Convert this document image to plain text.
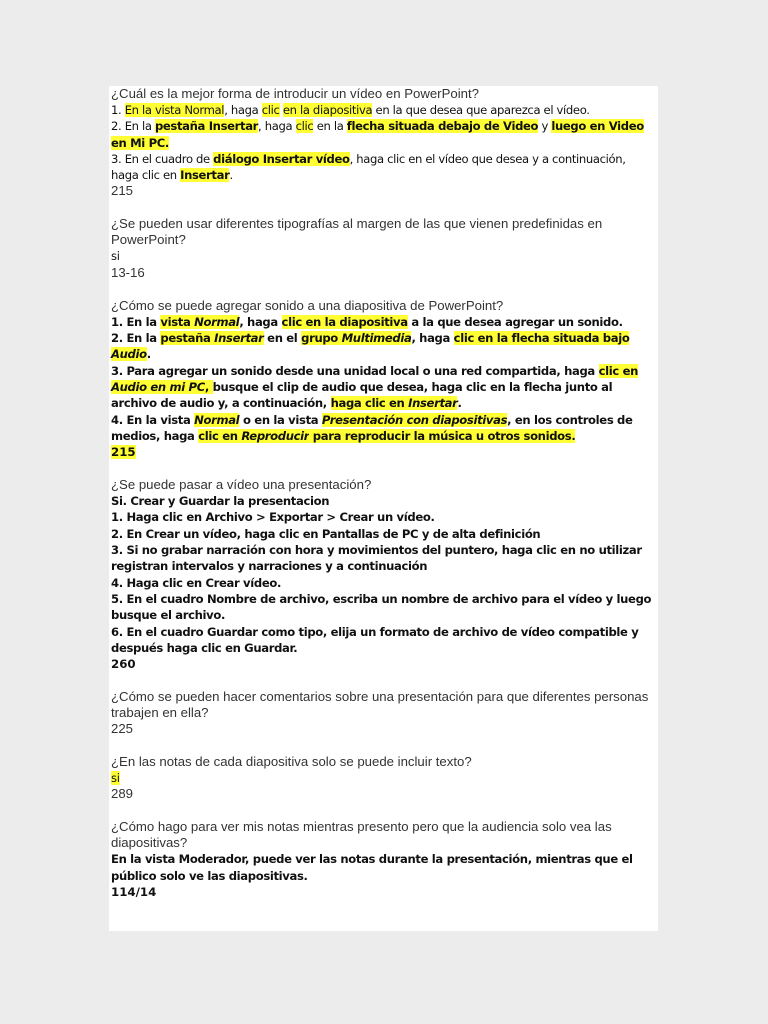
¿Cuál es la mejor forma de introducir un vídeo en PowerPoint?
1. En la vista Normal, haga clic en la diapositiva en la que desea que aparezca el vídeo.
2. En la pestaña Insertar, haga clic en la flecha situada debajo de Video y luego en Video en Mi PC.
3. En el cuadro de diálogo Insertar vídeo, haga clic en el vídeo que desea y a continuación, haga clic en Insertar.
215
¿Se pueden usar diferentes tipografías al margen de las que vienen predefinidas en PowerPoint?
si
13-16
¿Cómo se puede agregar sonido a una diapositiva de PowerPoint?
1. En la vista Normal, haga clic en la diapositiva a la que desea agregar un sonido.
2. En la pestaña Insertar en el grupo Multimedia, haga clic en la flecha situada bajo Audio.
3. Para agregar un sonido desde una unidad local o una red compartida, haga clic en Audio en mi PC, busque el clip de audio que desea, haga clic en la flecha junto al archivo de audio y, a continuación, haga clic en Insertar.
4. En la vista Normal o en la vista Presentación con diapositivas, en los controles de medios, haga clic en Reproducir para reproducir la música u otros sonidos.
215
¿Se puede pasar a vídeo una presentación?
Si. Crear y Guardar la presentacion
1. Haga clic en Archivo > Exportar > Crear un vídeo.
2. En Crear un vídeo, haga clic en Pantallas de PC y de alta definición
3. Si no grabar narración con hora y movimientos del puntero, haga clic en no utilizar registran intervalos y narraciones y a continuación
4. Haga clic en Crear vídeo.
5. En el cuadro Nombre de archivo, escriba un nombre de archivo para el vídeo y luego busque el archivo.
6. En el cuadro Guardar como tipo, elija un formato de archivo de vídeo compatible y después haga clic en Guardar.
260
¿Cómo se pueden hacer comentarios sobre una presentación para que diferentes personas trabajen en ella?
225
¿En las notas de cada diapositiva solo se puede incluir texto?
si
289
¿Cómo hago para ver mis notas mientras presento pero que la audiencia solo vea las diapositivas?
En la vista Moderador, puede ver las notas durante la presentación, mientras que el público solo ve las diapositivas.
114/14
